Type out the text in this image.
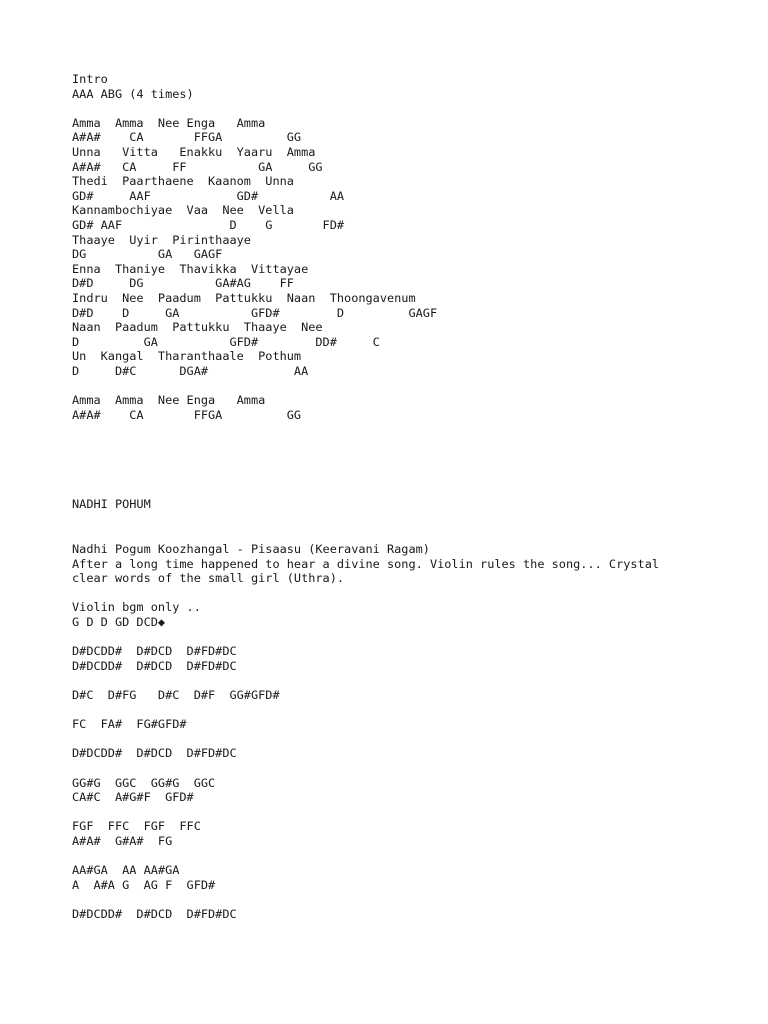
Intro
AAA ABG (4 times)
Amma  Amma  Nee Enga   Amma
A#A#    CA       FFGA         GG
Unna   Vitta   Enakku  Yaaru  Amma
A#A#   CA     FF          GA     GG
Thedi  Paarthaene  Kaanom  Unna
GD#     AAF            GD#          AA
Kannambochiyae  Vaa  Nee  Vella
GD# AAF               D    G       FD#
Thaaye  Uyir  Pirinthaaye
DG          GA   GAGF
Enna  Thaniye  Thavikka  Vittayae
D#D     DG          GA#AG    FF
Indru  Nee  Paadum  Pattukku  Naan  Thoongavenum
D#D    D     GA          GFD#        D         GAGF
Naan  Paadum  Pattukku  Thaaye  Nee
D         GA          GFD#        DD#     C
Un  Kangal  Tharanthaale  Pothum
D     D#C      DGA#            AA
Amma  Amma  Nee Enga   Amma
A#A#    CA       FFGA         GG
NADHI POHUM
Nadhi Pogum Koozhangal - Pisaasu (Keeravani Ragam)
After a long time happened to hear a divine song. Violin rules the song... Crystal
clear words of the small girl (Uthra).
Violin bgm only ..
G D D GD DCD◆
D#DCDD#  D#DCD  D#FD#DC
D#DCDD#  D#DCD  D#FD#DC
D#C  D#FG   D#C  D#F  GG#GFD#
FC  FA#  FG#GFD#
D#DCDD#  D#DCD  D#FD#DC
GG#G  GGC  GG#G  GGC
CA#C  A#G#F  GFD#
FGF  FFC  FGF  FFC
A#A#  G#A#  FG
AA#GA  AA AA#GA
A  A#A G  AG F  GFD#
D#DCDD#  D#DCD  D#FD#DC
